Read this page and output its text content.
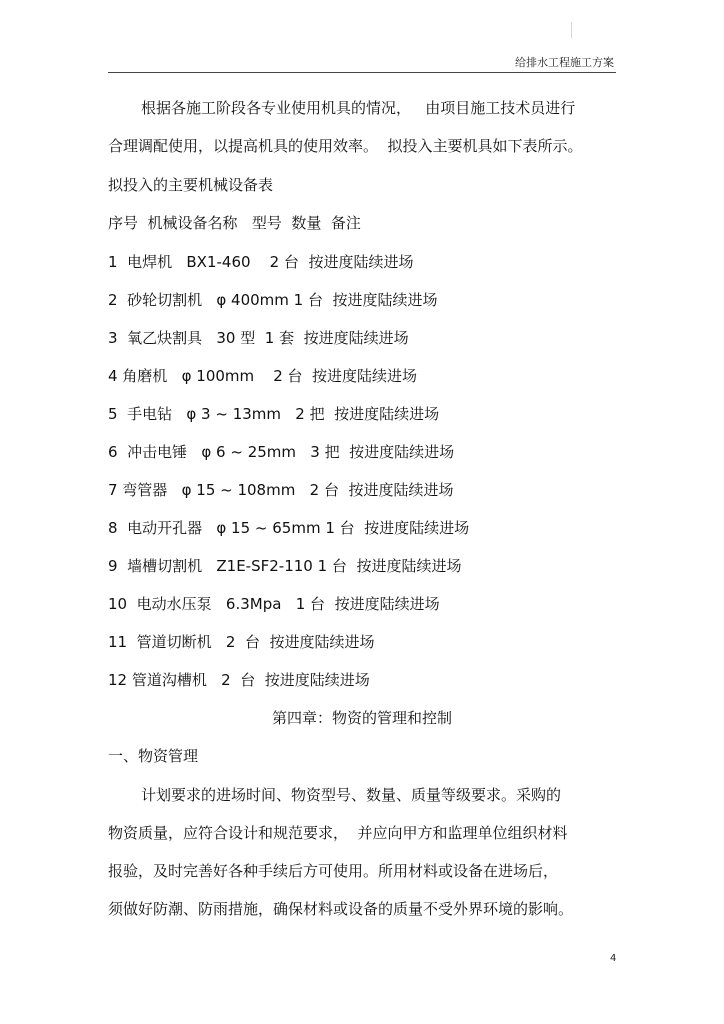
给排水工程施工方案
根据各施工阶段各专业使用机具的情况，   由项目施工技术员进行
合理调配使用，以提高机具的使用效率。  拟投入主要机具如下表所示。
拟投入的主要机械设备表
序号  机械设备名称   型号  数量  备注
1  电焊机   BX1-460    2 台  按进度陆续进场
2  砂轮切割机   φ 400mm 1 台  按进度陆续进场
3  氧乙炔割具   30 型  1 套  按进度陆续进场
4 角磨机   φ 100mm    2 台  按进度陆续进场
5  手电钻   φ 3 ~ 13mm   2 把  按进度陆续进场
6  冲击电锤   φ 6 ~ 25mm   3 把  按进度陆续进场
7 弯管器   φ 15 ~ 108mm   2 台  按进度陆续进场
8  电动开孔器   φ 15 ~ 65mm 1 台  按进度陆续进场
9  墙槽切割机   Z1E-SF2-110 1 台  按进度陆续进场
10  电动水压泵   6.3Mpa   1 台  按进度陆续进场
11  管道切断机   2  台  按进度陆续进场
12 管道沟槽机   2  台  按进度陆续进场
第四章：物资的管理和控制
一、物资管理
计划要求的进场时间、物资型号、数量、质量等级要求。采购的
物资质量，应符合设计和规范要求，  并应向甲方和监理单位组织材料
报验，及时完善好各种手续后方可使用。所用材料或设备在进场后，
须做好防潮、防雨措施，确保材料或设备的质量不受外界环境的影响。
4
